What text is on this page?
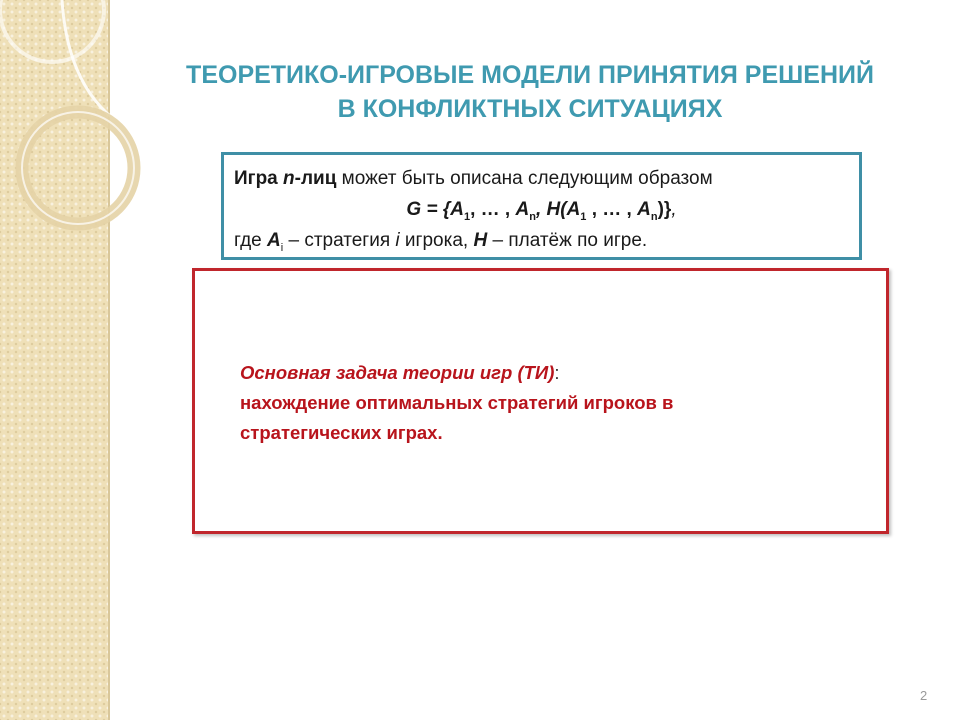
ТЕОРЕТИКО-ИГРОВЫЕ МОДЕЛИ ПРИНЯТИЯ РЕШЕНИЙ
В КОНФЛИКТНЫХ СИТУАЦИЯХ
Игра n-лиц может быть описана следующим образом
$G = \{A_1$, … , $A_n$, $H(A_1$ , … , $A_n$)},
где $A_i$ – стратегия i игрока, H – платёж по игре.
Основная задача теории игр (ТИ):
нахождение оптимальных стратегий игроков в
стратегических играх.
2
